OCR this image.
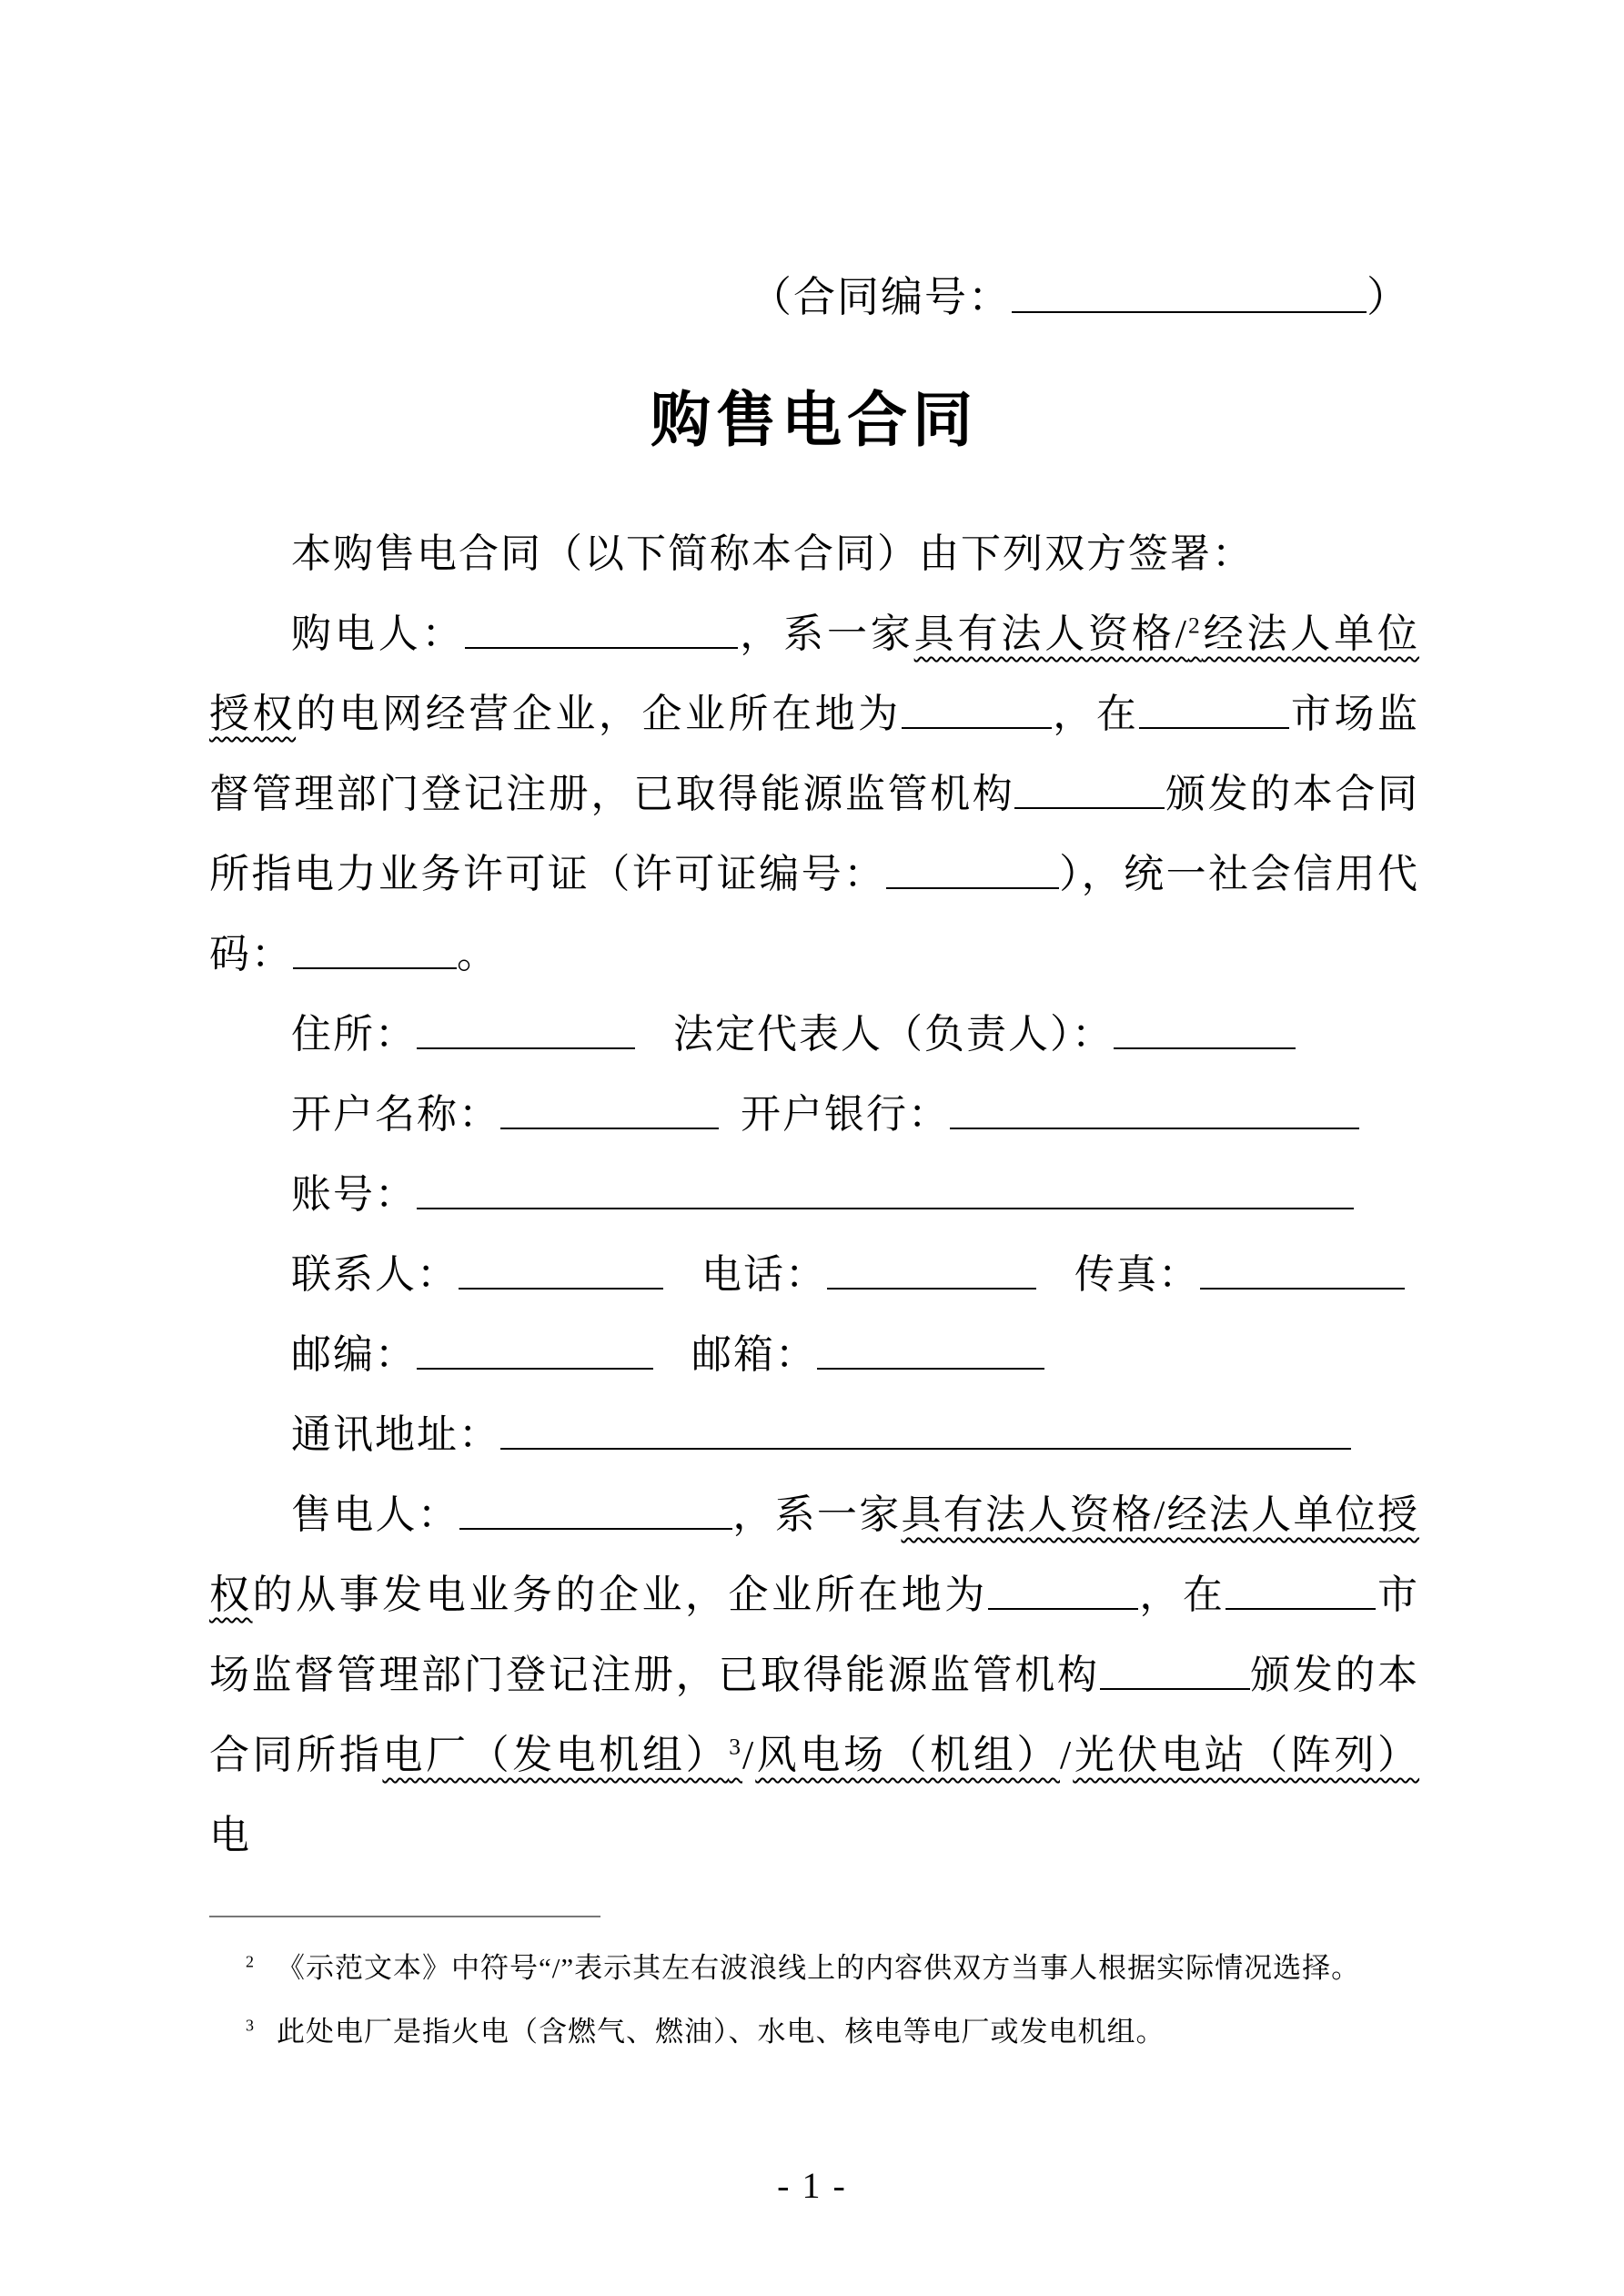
（合同编号：	）
购售电合同

本购售电合同（以下简称本合同）由下列双方签署：

购电人：	，系一家具有法人资格/$^2$经法人单位授权的电网经营企业，企业所在地为	，在	市场监督管理部门登记注册，已取得能源监管机构	颁发的本合同所指电力业务许可证（许可证编号：	），统一社会信用代码：	。

住所：	法定代表人（负责人）：

开户名称：	开户银行：

账号：

联系人：	电话：	传真：

邮编：	邮箱：

通讯地址：

售电人：	，系一家具有法人资格/经法人单位授权的从事发电业务的企业，企业所在地为	，在	市场监督管理部门登记注册，已取得能源监管机构	颁发的本合同所指电厂（发电机组）$^3$/风电场（机组）/光伏电站（阵列）电

$^2$ 《示范文本》中符号“/”表示其左右波浪线上的内容供双方当事人根据实际情况选择。

$^3$ 此处电厂是指火电（含燃气、燃油）、水电、核电等电厂或发电机组。

- 1 -
